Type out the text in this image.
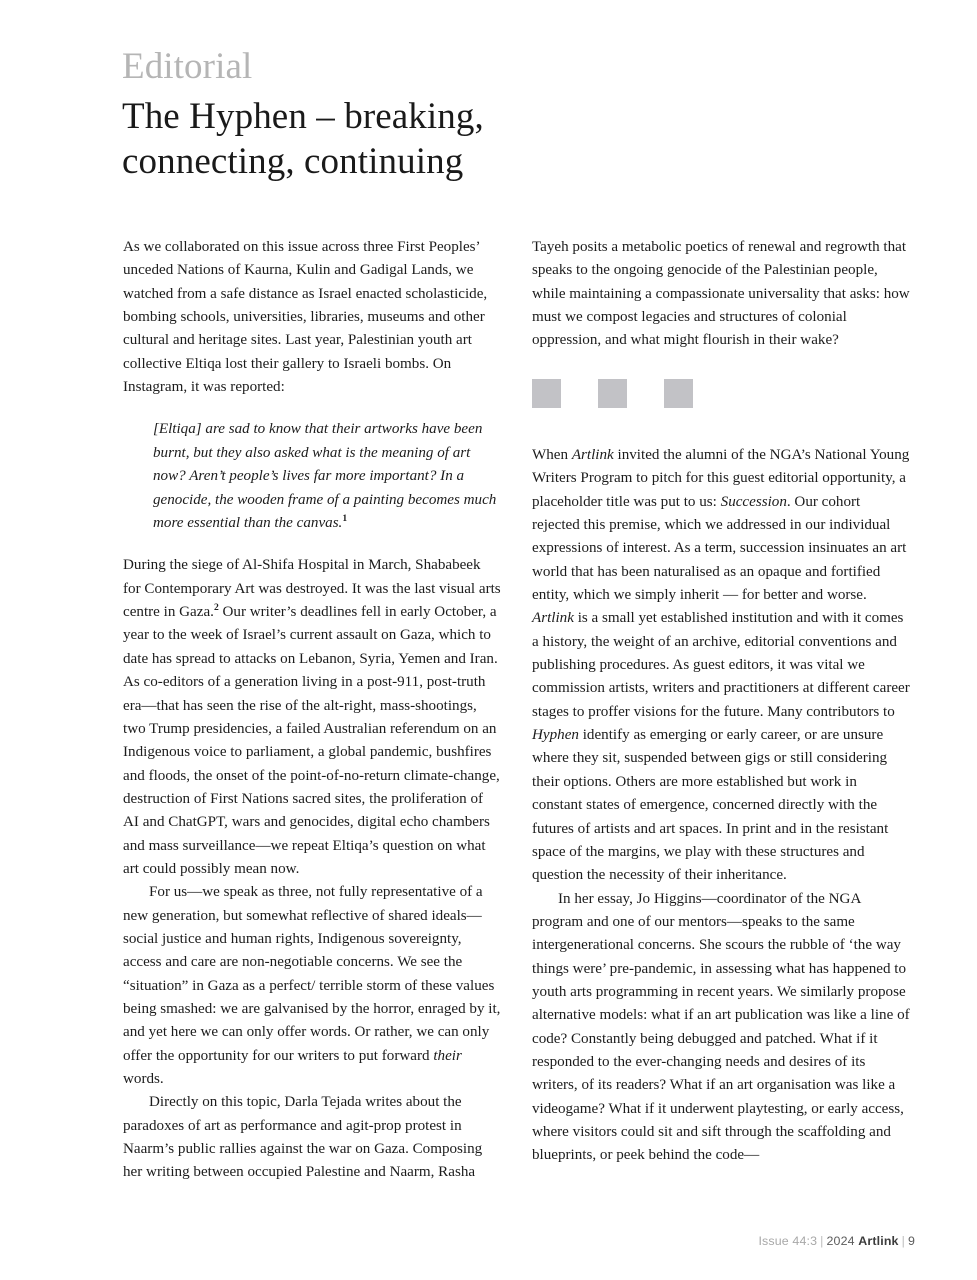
Editorial
The Hyphen – breaking,
connecting, continuing

As we collaborated on this issue across three First Peoples’ unceded Nations of Kaurna, Kulin and Gadigal Lands, we watched from a safe distance as Israel enacted scholasticide, bombing schools, universities, libraries, museums and other cultural and heritage sites. Last year, Palestinian youth art collective Eltiqa lost their gallery to Israeli bombs. On Instagram, it was reported:

[Eltiqa] are sad to know that their artworks have been burnt, but they also asked what is the meaning of art now? Aren’t people’s lives far more important? In a genocide, the wooden frame of a painting becomes much more essential than the canvas.$^1$

During the siege of Al-Shifa Hospital in March, Shababeek for Contemporary Art was destroyed. It was the last visual arts centre in Gaza.$^2$ Our writer’s deadlines fell in early October, a year to the week of Israel’s current assault on Gaza, which to date has spread to attacks on Lebanon, Syria, Yemen and Iran. As co-editors of a generation living in a post-911, post-truth era—that has seen the rise of the alt-right, mass-shootings, two Trump presidencies, a failed Australian referendum on an Indigenous voice to parliament, a global pandemic, bushfires and floods, the onset of the point-of-no-return climate-change, destruction of First Nations sacred sites, the proliferation of AI and ChatGPT, wars and genocides, digital echo chambers and mass surveillance—we repeat Eltiqa’s question on what art could possibly mean now.

For us—we speak as three, not fully representative of a new generation, but somewhat reflective of shared ideals—social justice and human rights, Indigenous sovereignty, access and care are non-negotiable concerns. We see the “situation” in Gaza as a perfect/ terrible storm of these values being smashed: we are galvanised by the horror, enraged by it, and yet here we can only offer words. Or rather, we can only offer the opportunity for our writers to put forward their words.

Directly on this topic, Darla Tejada writes about the paradoxes of art as performance and agit-prop protest in Naarm’s public rallies against the war on Gaza. Composing her writing between occupied Palestine and Naarm, Rasha

Tayeh posits a metabolic poetics of renewal and regrowth that speaks to the ongoing genocide of the Palestinian people, while maintaining a compassionate universality that asks: how must we compost legacies and structures of colonial oppression, and what might flourish in their wake?

When Artlink invited the alumni of the NGA’s National Young Writers Program to pitch for this guest editorial opportunity, a placeholder title was put to us: Succession. Our cohort rejected this premise, which we addressed in our individual expressions of interest. As a term, succession insinuates an art world that has been naturalised as an opaque and fortified entity, which we simply inherit — for better and worse. Artlink is a small yet established institution and with it comes a history, the weight of an archive, editorial conventions and publishing procedures. As guest editors, it was vital we commission artists, writers and practitioners at different career stages to proffer visions for the future. Many contributors to Hyphen identify as emerging or early career, or are unsure where they sit, suspended between gigs or still considering their options. Others are more established but work in constant states of emergence, concerned directly with the futures of artists and art spaces. In print and in the resistant space of the margins, we play with these structures and question the necessity of their inheritance.

In her essay, Jo Higgins—coordinator of the NGA program and one of our mentors—speaks to the same intergenerational concerns. She scours the rubble of ‘the way things were’ pre-pandemic, in assessing what has happened to youth arts programming in recent years. We similarly propose alternative models: what if an art publication was like a line of code? Constantly being debugged and patched. What if it responded to the ever-changing needs and desires of its writers, of its readers? What if an art organisation was like a videogame? What if it underwent playtesting, or early access, where visitors could sit and sift through the scaffolding and blueprints, or peek behind the code—

Issue 44:3 | 2024 Artlink | 9
